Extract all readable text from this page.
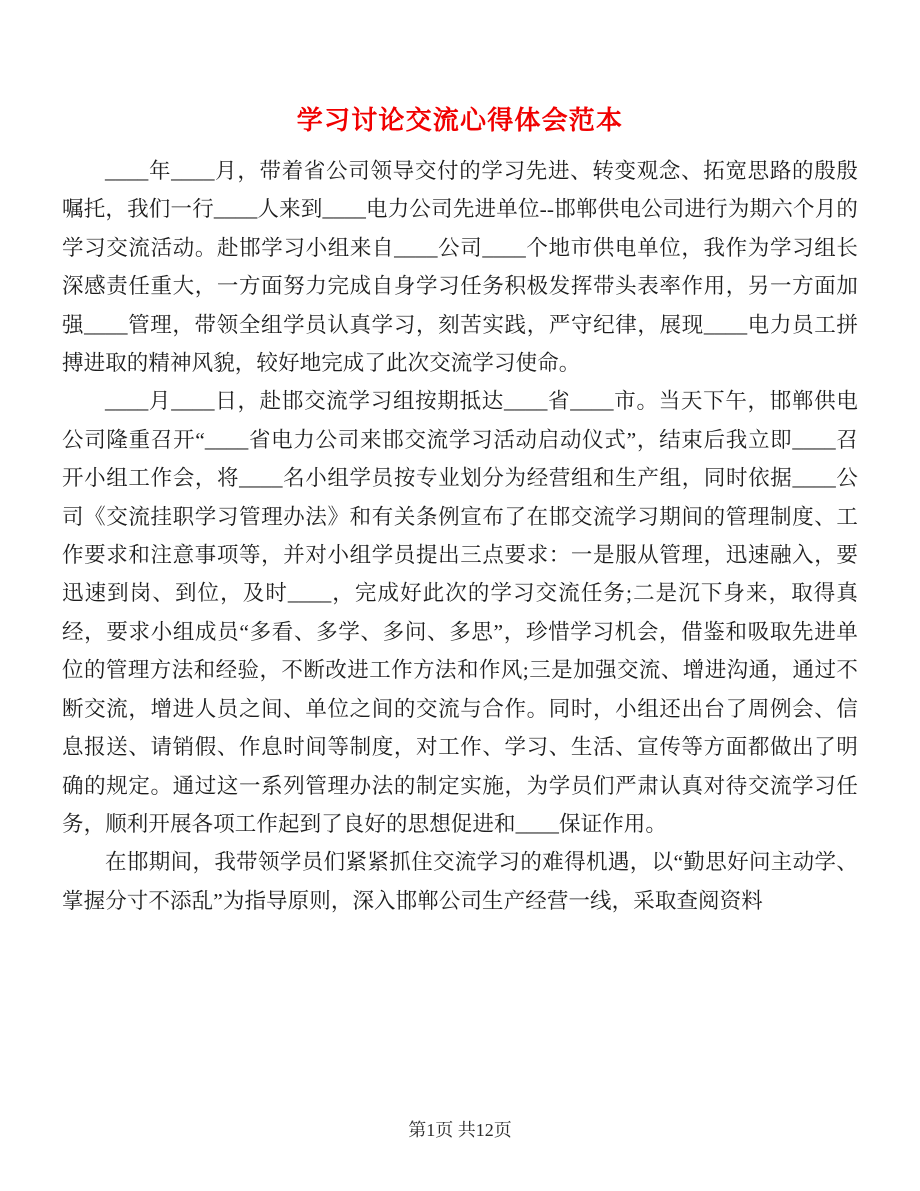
学习讨论交流心得体会范本

____年____月，带着省公司领导交付的学习先进、转变观念、拓宽思路的殷殷嘱托，我们一行____人来到____电力公司先进单位--邯郸供电公司进行为期六个月的学习交流活动。赴邯学习小组来自____公司____个地市供电单位，我作为学习组长深感责任重大，一方面努力完成自身学习任务积极发挥带头表率作用，另一方面加强____管理，带领全组学员认真学习，刻苦实践，严守纪律，展现____电力员工拼搏进取的精神风貌，较好地完成了此次交流学习使命。

____月____日，赴邯交流学习组按期抵达____省____市。当天下午，邯郸供电公司隆重召开“____省电力公司来邯交流学习活动启动仪式”，结束后我立即____召开小组工作会，将____名小组学员按专业划分为经营组和生产组，同时依据____公司《交流挂职学习管理办法》和有关条例宣布了在邯交流学习期间的管理制度、工作要求和注意事项等，并对小组学员提出三点要求：一是服从管理，迅速融入，要迅速到岗、到位，及时____，完成好此次的学习交流任务;二是沉下身来，取得真经，要求小组成员“多看、多学、多问、多思”，珍惜学习机会，借鉴和吸取先进单位的管理方法和经验，不断改进工作方法和作风;三是加强交流、增进沟通，通过不断交流，增进人员之间、单位之间的交流与合作。同时，小组还出台了周例会、信息报送、请销假、作息时间等制度，对工作、学习、生活、宣传等方面都做出了明确的规定。通过这一系列管理办法的制定实施，为学员们严肃认真对待交流学习任务，顺利开展各项工作起到了良好的思想促进和____保证作用。

在邯期间，我带领学员们紧紧抓住交流学习的难得机遇，以“勤思好问主动学、掌握分寸不添乱”为指导原则，深入邯郸公司生产经营一线，采取查阅资料

第1页 共12页
